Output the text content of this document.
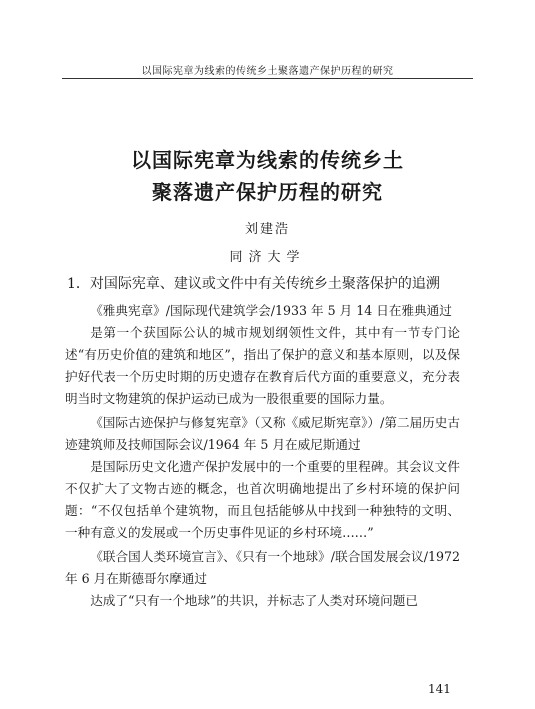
以国际宪章为线索的传统乡土聚落遗产保护历程的研究
以国际宪章为线索的传统乡土
聚落遗产保护历程的研究
刘建浩
同济大学
1．对国际宪章、建议或文件中有关传统乡土聚落保护的追溯

《雅典宪章》/国际现代建筑学会/1933 年 5 月 14 日在雅典通过

是第一个获国际公认的城市规划纲领性文件，其中有一节专门论述“有历史价值的建筑和地区”，指出了保护的意义和基本原则，以及保护好代表一个历史时期的历史遗存在教育后代方面的重要意义，充分表明当时文物建筑的保护运动已成为一股很重要的国际力量。

《国际古迹保护与修复宪章》（又称《威尼斯宪章》）/第二届历史古迹建筑师及技师国际会议/1964 年 5 月在威尼斯通过

是国际历史文化遗产保护发展中的一个重要的里程碑。其会议文件不仅扩大了文物古迹的概念，也首次明确地提出了乡村环境的保护问题：“不仅包括单个建筑物，而且包括能够从中找到一种独特的文明、一种有意义的发展或一个历史事件见证的乡村环境……”

《联合国人类环境宣言》、《只有一个地球》/联合国发展会议/1972 年 6 月在斯德哥尔摩通过

达成了“只有一个地球”的共识，并标志了人类对环境问题已

141
